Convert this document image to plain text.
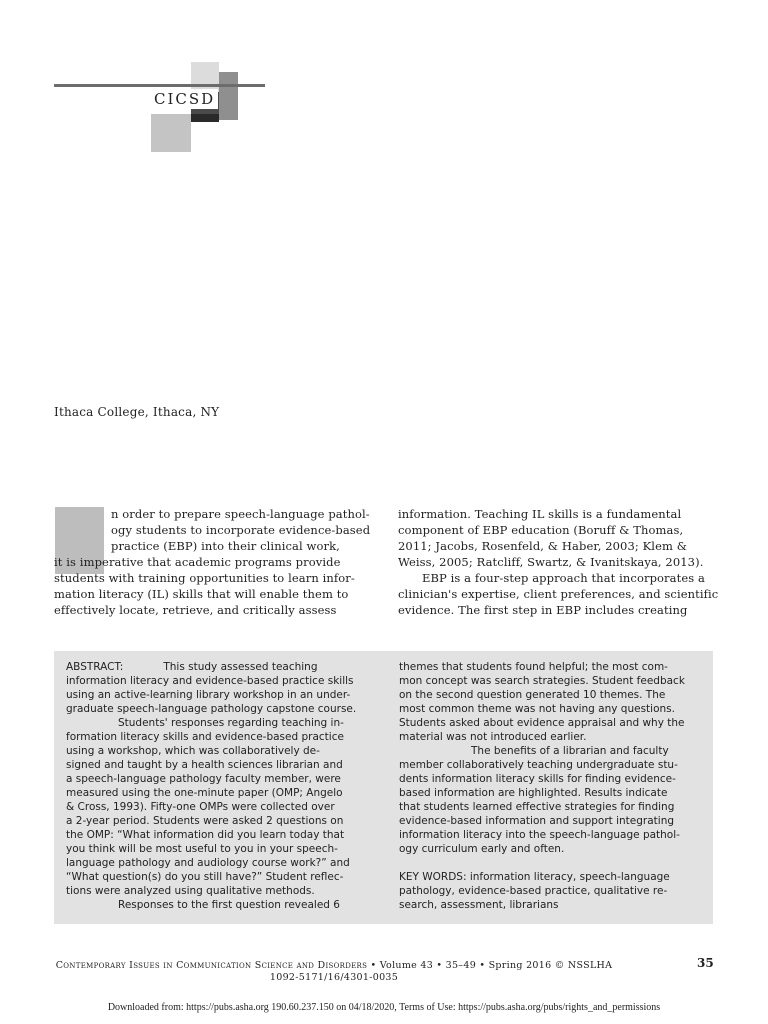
CICSD
Ithaca College, Ithaca, NY
n order to prepare speech-language pathol-
ogy students to incorporate evidence-based
practice (EBP) into their clinical work,
it is imperative that academic programs provide
students with training opportunities to learn infor-
mation literacy (IL) skills that will enable them to
effectively locate, retrieve, and critically assess
information. Teaching IL skills is a fundamental
component of EBP education (Boruff & Thomas,
2011; Jacobs, Rosenfeld, & Haber, 2003; Klem &
Weiss, 2005; Ratcliff, Swartz, & Ivanitskaya, 2013).
EBP is a four-step approach that incorporates a
clinician's expertise, client preferences, and scientific
evidence. The first step in EBP includes creating
ABSTRACT:            This study assessed teaching
information literacy and evidence-based practice skills
using an active-learning library workshop in an under-
graduate speech-language pathology capstone course.
Students' responses regarding teaching in-
formation literacy skills and evidence-based practice
using a workshop, which was collaboratively de-
signed and taught by a health sciences librarian and
a speech-language pathology faculty member, were
measured using the one-minute paper (OMP; Angelo
& Cross, 1993). Fifty-one OMPs were collected over
a 2-year period. Students were asked 2 questions on
the OMP: “What information did you learn today that
you think will be most useful to you in your speech-
language pathology and audiology course work?” and
“What question(s) do you still have?” Student reflec-
tions were analyzed using qualitative methods.
Responses to the first question revealed 6
themes that students found helpful; the most com-
mon concept was search strategies. Student feedback
on the second question generated 10 themes. The
most common theme was not having any questions.
Students asked about evidence appraisal and why the
material was not introduced earlier.
The benefits of a librarian and faculty
member collaboratively teaching undergraduate stu-
dents information literacy skills for finding evidence-
based information are highlighted. Results indicate
that students learned effective strategies for finding
evidence-based information and support integrating
information literacy into the speech-language pathol-
ogy curriculum early and often.
KEY WORDS: information literacy, speech-language
pathology, evidence-based practice, qualitative re-
search, assessment, librarians
Contemporary Issues in Communication Science and Disorders • Volume 43 • 35–49 • Spring 2016 © NSSLHA
1092-5171/16/4301-0035
35
Downloaded from: https://pubs.asha.org 190.60.237.150 on 04/18/2020, Terms of Use: https://pubs.asha.org/pubs/rights_and_permissions
